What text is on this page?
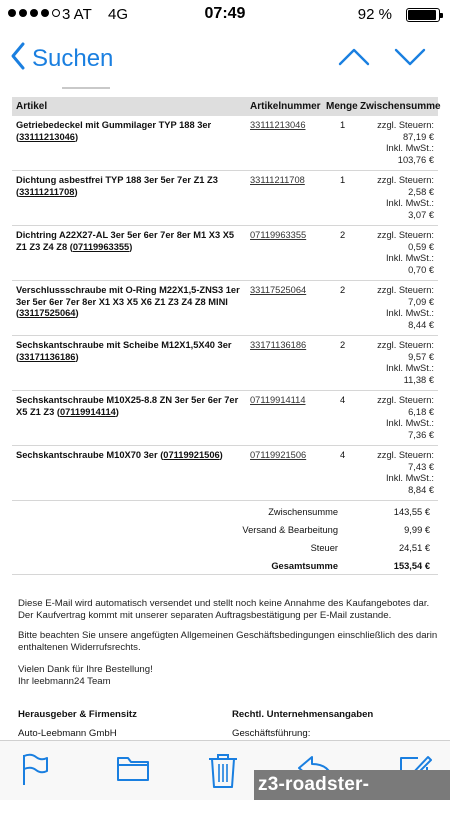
3 AT 4G	07:49	92 %
Suchen
Artikel	Artikelnummer Menge Zwischensumme
Getriebedeckel mit Gummilager TYP 188 3er (33111213046)
33111213046	1	zzgl. Steuern:
87,19 €
Inkl. MwSt.:
103,76 €
Dichtung asbestfrei TYP 188 3er 5er 7er Z1 Z3 (33111211708)
33111211708	1	zzgl. Steuern:
2,58 €
Inkl. MwSt.:
3,07 €
Dichtring A22X27-AL 3er 5er 6er 7er 8er M1 X3 X5 Z1 Z3 Z4 Z8 (07119963355)
07119963355	2	zzgl. Steuern:
0,59 €
Inkl. MwSt.:
0,70 €
Verschlussschraube mit O-Ring M22X1,5-ZNS3 1er 3er 5er 6er 7er 8er X1 X3 X5 X6 Z1 Z3 Z4 Z8 MINI (33117525064)
33117525064	2	zzgl. Steuern:
7,09 €
Inkl. MwSt.:
8,44 €
Sechskantschraube mit Scheibe M12X1,5X40 3er (33171136186)
33171136186	2	zzgl. Steuern:
9,57 €
Inkl. MwSt.:
11,38 €
Sechskantschraube M10X25-8.8 ZN 3er 5er 6er 7er X5 Z1 Z3 (07119914114)
07119914114	4	zzgl. Steuern:
6,18 €
Inkl. MwSt.:
7,36 €
Sechskantschraube M10X70 3er (07119921506)	07119921506	4	zzgl. Steuern:
7,43 €
Inkl. MwSt.:
8,84 €
Zwischensumme	143,55 €
Versand & Bearbeitung	9,99 €
Steuer	24,51 €
Gesamtsumme	153,54 €
Diese E-Mail wird automatisch versendet und stellt noch keine Annahme des Kaufangebotes dar. Der Kaufvertrag kommt mit unserer separaten Auftragsbestätigung per E-Mail zustande.
Bitte beachten Sie unsere angefügten Allgemeinen Geschäftsbedingungen einschließlich des darin enthaltenen Widerrufsrechts.
Vielen Dank für Ihre Bestellung!
Ihr leebmann24 Team
Herausgeber & Firmensitz	Rechtl. Unternehmensangaben
Auto-Leebmann GmbH	Geschäftsführung:
z3-roadster-forum.de
